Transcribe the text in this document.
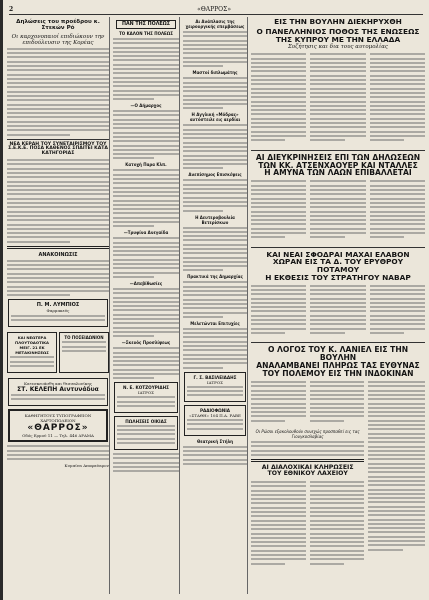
2	«ΘΑΡΡΟΣ»
Δηλώσεις του προέδρου κ. Στεκών Ρό
Οι καρχονοπαιοί επιδιώκουν την επιδούλευσιν της Κορέας
ΝΕΑ ΚΕΡΔΗ ΤΟΥ ΣΥΝΕΤΑΙΡΙΣΜΟΥ ΤΟΥ Σ.Ε.Κ.Ε. ΠΟΣΑ ΚΑΘΕΝΟΣ ΣΠΑΙΤΕΙ ΚΑΤΑ ΚΑΤΗΓΟΡΙΑΣ
ΑΝΑΚΟΙΝΩΣΙΣ
Π. Μ. ΛΥΜΠΙΟΣ
Φαρμακεύς
ΚΑΙ ΝΕΩΤΕΡΑ ΠΛΟΥΤΟΔΟΤΙΚΑ ΜΕΙΓ. 21 ΕΚ ΜΕΤΑΚΙΝΗΣΕΩΣ
ΤΟ ΠΟΣΕΙΔΩΝΙΟΝ
Κατεσκευάσθη και θεσσαλονίκης
ΣΤ. ΚΕΛΕΠΗ Αιντυνάδυα
ΚΑΘΗΓΗΤΟΥΣ ΤΥΠΟΓΡΑΦΕΙΟΝ ΧΑΡΤΟΠΩΛΕΙΟΝ
«ΘΑΡΡΟΣ»
Οδός Ερμού 11 — Τηλ. 446 ΔΡΑΜΑ
Κυμαίνα Αποφαύαρον
ΠΑΝ ΤΗΣ ΠΟΛΕΩΣ
ΤΟ ΚΑΛΟΝ ΤΗΣ ΠΟΛΕΩΣ
—Ο Δήμαρχος
Κατοχή Παρα Κλπ.
—Τρυφίνα Ανεγαίδα
—Απεβίθωσίες
—Σκευός Προσλίψεως
Ν. Ε. ΚΟΤΖΟΥΡΙΔΗΣ
ΙΑΤΡΟΣ
ΠΩΛΗΣΕΙΣ ΟΙΚΙΑΣ
Αι Ανάπλασις της χειρουργικής επεμβάσεως
Μαστοί διπλωμάτης
Η Αγγλική «Μόδρας» αυτόστειλε εις αερδίαι
Ανεπίσημος Επισκέψεις
Η Δευτεροβουλιία Βετερίσκων
Πρακτικά της Δημαρχίας
Μελετώνται Επιτυχίες
Γ. Σ. ΒΑΣΙΛΕΙΑΔΗΣ
ΙΑΤΡΟΣ
ΡΑΔΙΟΦΩΝΙΑ
«ΣΤΑΘΗ» 104 Π.Α. ΡΑΒΕ
Θεατρική Στήλη
ΕΙΣ ΤΗΝ ΒΟΥΛΗΝ ΔΙΕΚΗΡΥΧΘΗ
Ο ΠΑΝΕΛΛΗΝΙΟΣ ΠΟΘΟΣ ΤΗΣ ΕΝΩΣΕΩΣ
ΤΗΣ ΚΥΠΡΟΥ ΜΕ ΤΗΝ ΕΛΛΑΔΑ
Συζήτησις και δια τους αυτομολίας
ΑΙ ΔΙΕΥΚΡΙΝΗΣΕΙΣ ΕΠΙ ΤΩΝ ΔΗΛΩΣΕΩΝ
ΤΩΝ ΚΚ. ΑΤΣΕΝΧΑΟΥΕΡ ΚΑΙ ΝΤΑΛΛΕΣ
Η ΑΜΥΝΑ ΤΩΝ ΛΑΩΝ ΕΠΙΒΑΛΛΕΤΑΙ
ΚΑΙ ΝΕΑΙ ΣΦΟΔΡΑΙ ΜΑΧΑΙ ΕΛΑΒΟΝ
ΧΩΡΑΝ ΕΙΣ ΤΑ Δ. ΤΟΥ ΕΡΥΘΡΟΥ ΠΟΤΑΜΟΥ
Η ΕΚΘΕΣΙΣ ΤΟΥ ΣΤΡΑΤΗΓΟΥ ΝΑΒΑΡ
Ο ΛΟΓΟΣ ΤΟΥ Κ. ΛΑΝΙΕΛ ΕΙΣ ΤΗΝ ΒΟΥΛΗΝ
ΑΝΑΛΑΜΒΑΝΕΙ ΠΛΗΡΩΣ ΤΑΣ ΕΥΘΥΝΑΣ
ΤΟΥ ΠΟΛΕΜΟΥ ΕΙΣ ΤΗΝ ΙΝΔΟΚΙΝΑΝ
Οι Ρώσοι εξακολουθούν συνεχώς προσπαθεί εις τας Γιουγκοσλαβίας
ΑΙ ΔΙΑΛΟΧΙΚΑΙ ΚΛΗΡΩΣΕΙΣ
ΤΟΥ ΕΘΝΙΚΟΥ ΛΑΧΕΙΟΥ
